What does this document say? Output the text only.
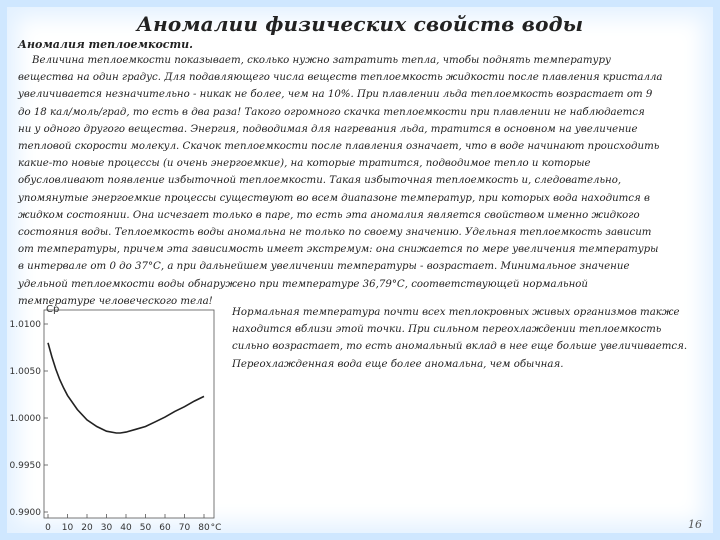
Аномалии физических свойств воды
Аномалия теплоемкости.
Величина теплоемкости показывает, сколько нужно затратить тепла, чтобы поднять температуру
вещества на один градус. Для подавляющего числа веществ теплоемкость жидкости после плавления кристалла
увеличивается незначительно - никак не более, чем на 10%. При плавлении льда теплоемкость возрастает от 9
до 18 кал/моль/град, то есть в два раза! Такого огромного скачка теплоемкости при плавлении не наблюдается
ни у одного другого вещества. Энергия, подводимая для нагревания льда, тратится в основном на увеличение
тепловой скорости молекул. Скачок теплоемкости после плавления означает, что в воде начинают происходить
какие-то новые процессы (и очень энергоемкие), на которые тратится, подводимое тепло и которые
обусловливают появление избыточной теплоемкости. Такая избыточная теплоемкость и, следовательно,
упомянутые энергоемкие процессы существуют во всем диапазоне температур, при которых вода находится в
жидком состоянии. Она исчезает только в паре, то есть эта аномалия является свойством именно жидкого
состояния воды. Теплоемкость воды аномальна не только по своему значению. Удельная теплоемкость зависит
от температуры, причем эта зависимость имеет экстремум: она снижается по мере увеличения температуры
в интервале от 0 до 37°С, а при дальнейшем увеличении температуры - возрастает. Минимальное значение
удельной теплоемкости воды обнаружено при температуре 36,79°С, соответствующей нормальной
температуре человеческого тела!
Нормальная температура почти всех теплокровных живых организмов также
находится вблизи этой точки. При сильном переохлаждении теплоемкость
сильно возрастает, то есть аномальный вклад в нее еще больше увеличивается.
Переохлажденная вода еще более аномальна, чем обычная.
Cp
1.0100
1.0050
1.0000
0.9950
0.9900
0 10 20 30 40 50 60 70 80 °C	16
